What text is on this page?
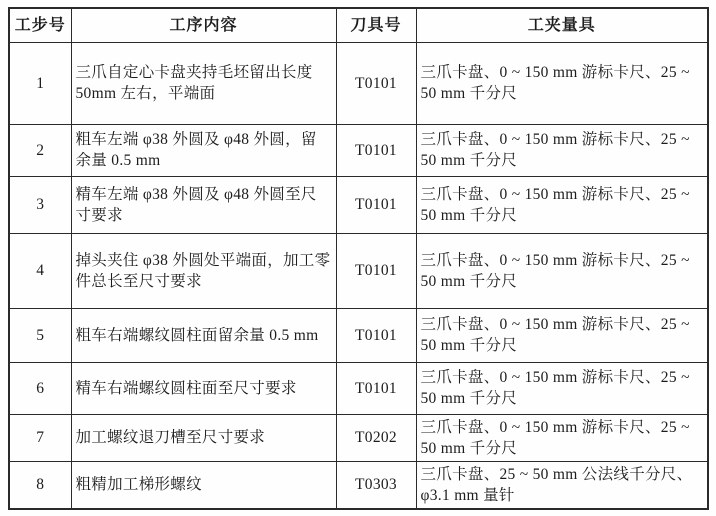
工步号	工序内容	刀具号	工夹量具
1	三爪自定心卡盘夹持毛坯留出长度 50mm 左右，平端面	T0101	三爪卡盘、0 ~ 150 mm 游标卡尺、25 ~ 50 mm 千分尺
2	粗车左端 φ38 外圆及 φ48 外圆，留余量 0.5 mm	T0101	三爪卡盘、0 ~ 150 mm 游标卡尺、25 ~ 50 mm 千分尺
3	精车左端 φ38 外圆及 φ48 外圆至尺寸要求	T0101	三爪卡盘、0 ~ 150 mm 游标卡尺、25 ~ 50 mm 千分尺
4	掉头夹住 φ38 外圆处平端面，加工零件总长至尺寸要求	T0101	三爪卡盘、0 ~ 150 mm 游标卡尺、25 ~ 50 mm 千分尺
5	粗车右端螺纹圆柱面留余量 0.5 mm	T0101	三爪卡盘、0 ~ 150 mm 游标卡尺、25 ~ 50 mm 千分尺
6	精车右端螺纹圆柱面至尺寸要求	T0101	三爪卡盘、0 ~ 150 mm 游标卡尺、25 ~ 50 mm 千分尺
7	加工螺纹退刀槽至尺寸要求	T0202	三爪卡盘、0 ~ 150 mm 游标卡尺、25 ~ 50 mm 千分尺
8	粗精加工梯形螺纹	T0303	三爪卡盘、25 ~ 50 mm 公法线千分尺、φ3.1 mm 量针
